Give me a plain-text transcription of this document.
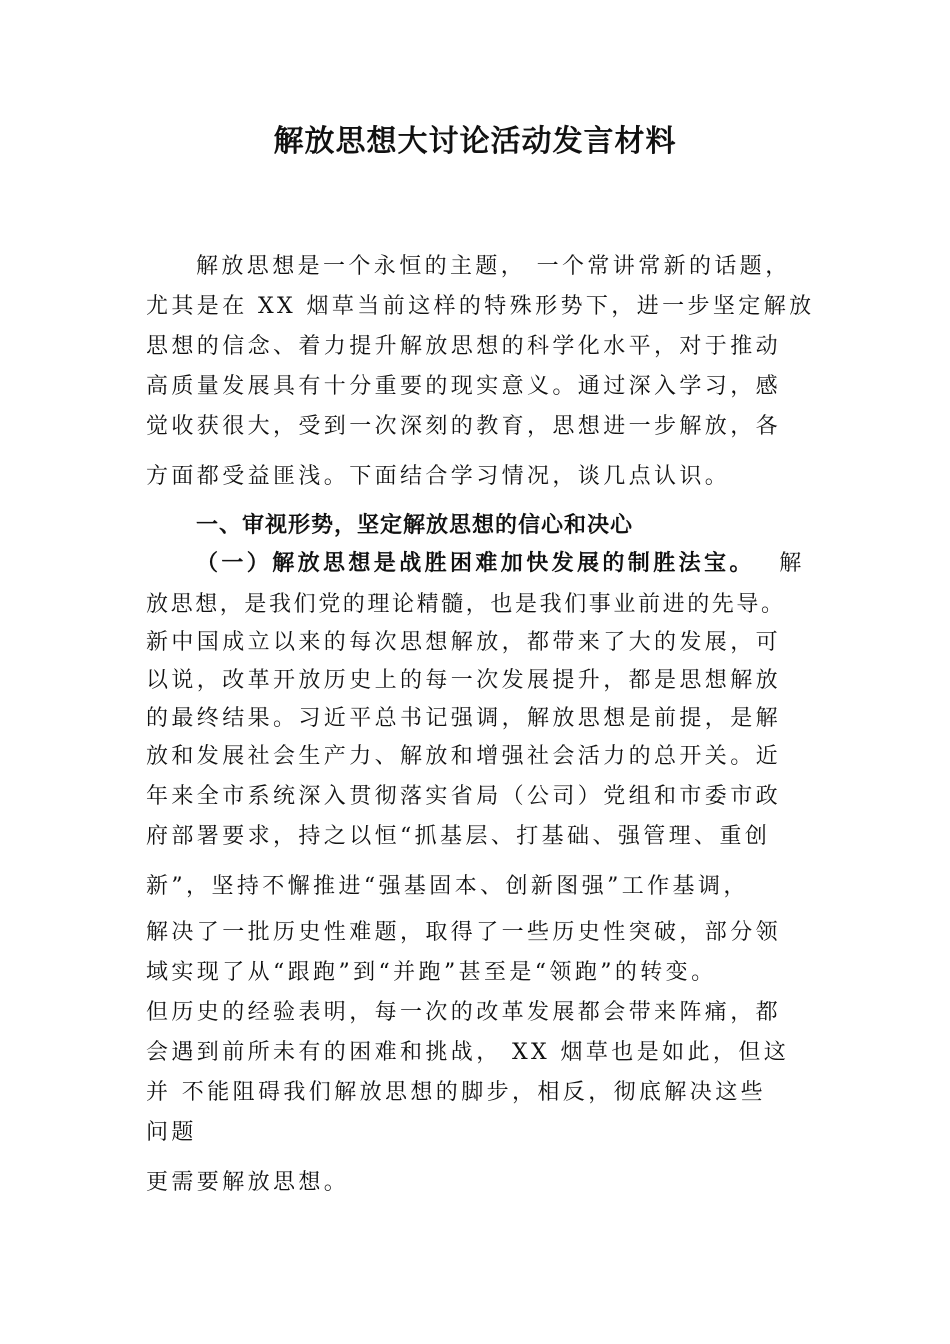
解放思想大讨论活动发言材料
解放思想是一个永恒的主题， 一个常讲常新的话题，
尤其是在 XX 烟草当前这样的特殊形势下，进一步坚定解放
思想的信念、着力提升解放思想的科学化水平，对于推动
高质量发展具有十分重要的现实意义。通过深入学习，感
觉收获很大，受到一次深刻的教育，思想进一步解放，各
方面都受益匪浅。下面结合学习情况，谈几点认识。
一、审视形势，坚定解放思想的信心和决心
（一）解放思想是战胜困难加快发展的制胜法宝。 解
放思想，是我们党的理论精髓，也是我们事业前进的先导。
新中国成立以来的每次思想解放，都带来了大的发展，可
以说，改革开放历史上的每一次发展提升，都是思想解放
的最终结果。习近平总书记强调，解放思想是前提，是解
放和发展社会生产力、解放和增强社会活力的总开关。近
年来全市系统深入贯彻落实省局（公司）党组和市委市政
府部署要求，持之以恒“抓基层、打基础、强管理、重创
新”，坚持不懈推进“强基固本、创新图强”工作基调，
解决了一批历史性难题，取得了一些历史性突破，部分领
域实现了从“跟跑”到“并跑”甚至是“领跑”的转变。
但历史的经验表明，每一次的改革发展都会带来阵痛，都
会遇到前所未有的困难和挑战， XX 烟草也是如此，但这
并 不能阻碍我们解放思想的脚步，相反，彻底解决这些
问题
更需要解放思想。
